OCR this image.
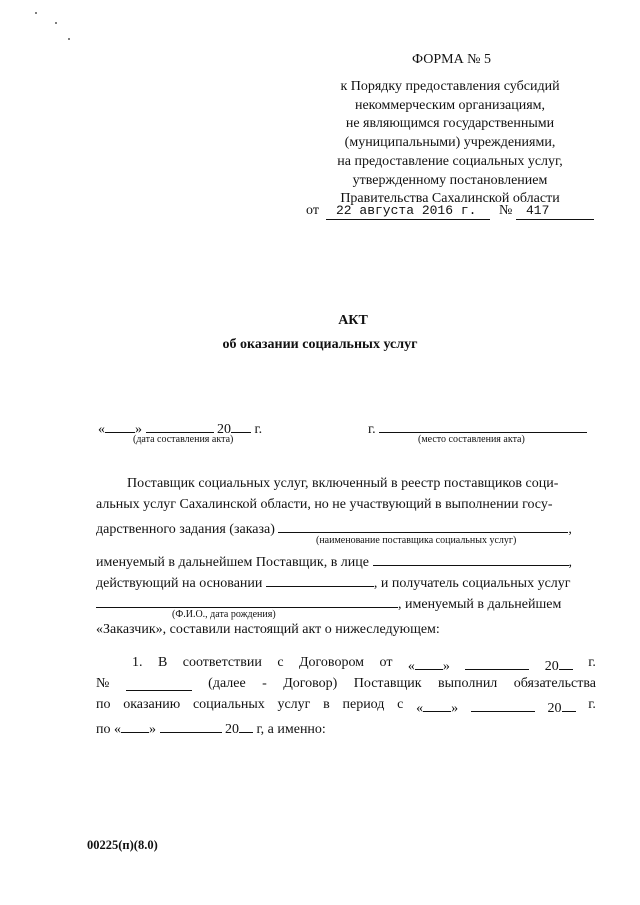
ФОРМА № 5
к Порядку предоставления субсидий
некоммерческим организациям,
не являющимся государственными
(муниципальными) учреждениями,
на предоставление социальных услуг,
утвержденному постановлением
Правительства Сахалинской области
от 22 августа 2016 г. № 417
АКТ
об оказании социальных услуг
« »	20 г.
(дата составления акта)
г.
(место составления акта)
Поставщик социальных услуг, включенный в реестр поставщиков соци-
альных услуг Сахалинской области, но не участвующий в выполнении госу-
дарственного задания (заказа)	,
(наименование поставщика социальных услуг)
именуемый в дальнейшем Поставщик, в лице	,
действующий на основании	, и получатель социальных услуг
, именуемый в дальнейшем
(Ф.И.О., дата рождения)
«Заказчик», составили настоящий акт о нижеследующем:
1. В соответствии с Договором от « »	20	г.
№	(далее - Договор) Поставщик выполнил обязательства
по оказанию социальных услуг в период с « »	20	г.
по « »	20 г, а именно:
00225(п)(8.0)
